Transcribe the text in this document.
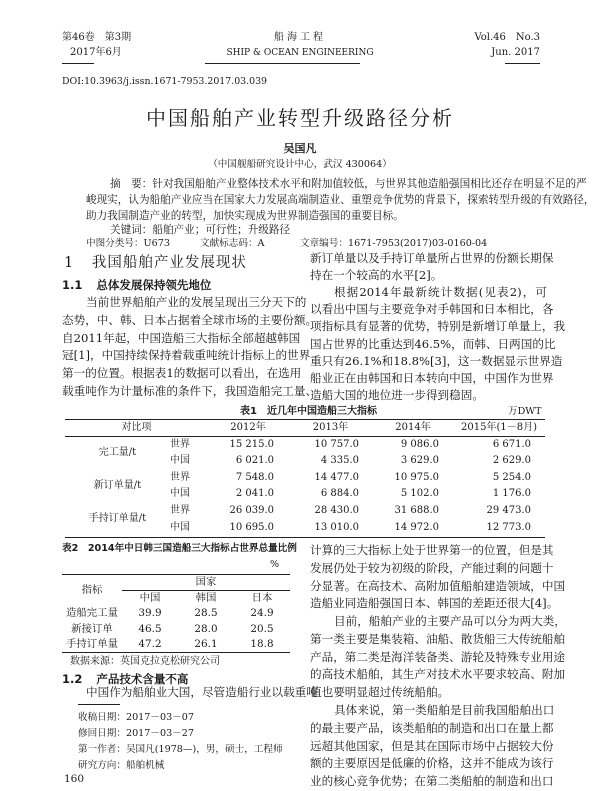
第46卷　第3期
2017年6月
船海工程
SHIP & OCEAN ENGINEERING
Vol.46　No.3
Jun. 2017
DOI:10.3963/j.issn.1671-7953.2017.03.039
中国船舶产业转型升级路径分析
吴国凡
（中国舰船研究设计中心，武汉 430064）
摘　要：针对我国船舶产业整体技术水平和附加值较低，与世界其他造船强国相比还存在明显不足的严
峻现实，认为船舶产业应当在国家大力发展高端制造业、重塑竞争优势的背景下，探索转型升级的有效路径，
助力我国制造产业的转型，加快实现成为世界制造强国的重要目标。
关键词：船舶产业；可行性；升级路径
中图分类号：U673	文献标志码：A	文章编号：1671-7953(2017)03-0160-04
1 我国船舶产业发展现状
1.1 总体发展保持领先地位
当前世界船舶产业的发展呈现出三分天下的
态势，中、韩、日本占据着全球市场的主要份额。
自2011年起，中国造船三大指标全部超越韩国
冠[1]，中国持续保持着载重吨统计指标上的世界
第一的位置。根据表1的数据可以看出，在选用
载重吨作为计量标准的条件下，我国造船完工量、
新订单量以及手持订单量所占世界的份额长期保
持在一个较高的水平[2]。
根据2014年最新统计数据(见表2)，可
以看出中国与主要竞争对手韩国和日本相比，各
项指标具有显著的优势，特别是新增订单量上，我
国占世界的比重达到46.5%，而韩、日两国的比
重只有26.1%和18.8%[3]，这一数据显示世界造
船业正在由韩国和日本转向中国，中国作为世界
造船大国的地位进一步得到稳固。
表1　近几年中国造船三大指标	万DWT
对比项		2012年	2013年	2014年	2015年(1－8月)
完工量/t	世界	15 215.0	10 757.0	9 086.0	6 671.0
	中国	6 021.0	4 335.0	3 629.0	2 629.0
新订单量/t	世界	7 548.0	14 477.0	10 975.0	5 254.0
	中国	2 041.0	6 884.0	5 102.0	1 176.0
手持订单量/t	世界	26 039.0	28 430.0	31 688.0	29 473.0
	中国	10 695.0	13 010.0	14 972.0	12 773.0
表2　2014年中日韩三国造船三大指标占世界总量比例
%
指标	国家		
	中国	韩国	日本
造船完工量	39.9	28.5	24.9
新接订单	46.5	28.0	20.5
手持订单量	47.2	26.1	18.8
数据来源：英国克拉克松研究公司
1.2 产品技术含量不高
中国作为船舶业大国，尽管造船行业以载重吨
收稿日期：2017－03－07
修回日期：2017－03－27
第一作者：吴国凡(1978—)，男，硕士，工程师
研究方向：船舶机械
160
计算的三大指标上处于世界第一的位置，但是其
发展仍处于较为初级的阶段，产能过剩的问题十
分显著。在高技术、高附加值船舶建造领域，中国
造船业同造船强国日本、韩国的差距还很大[4]。
目前，船舶产业的主要产品可以分为两大类，
第一类主要是集装箱、油船、散货船三大传统船舶
产品，第二类是海洋装备类、游轮及特殊专业用途
的高技术船舶，其生产对技术水平要求较高、附加
值也要明显超过传统船舶。
具体来说，第一类船舶是目前我国船舶出口
的最主要产品，该类船舶的制造和出口在量上都
远超其他国家，但是其在国际市场中占据较大份
额的主要原因是低廉的价格，这并不能成为该行
业的核心竞争优势；在第二类船舶的制造和出口
